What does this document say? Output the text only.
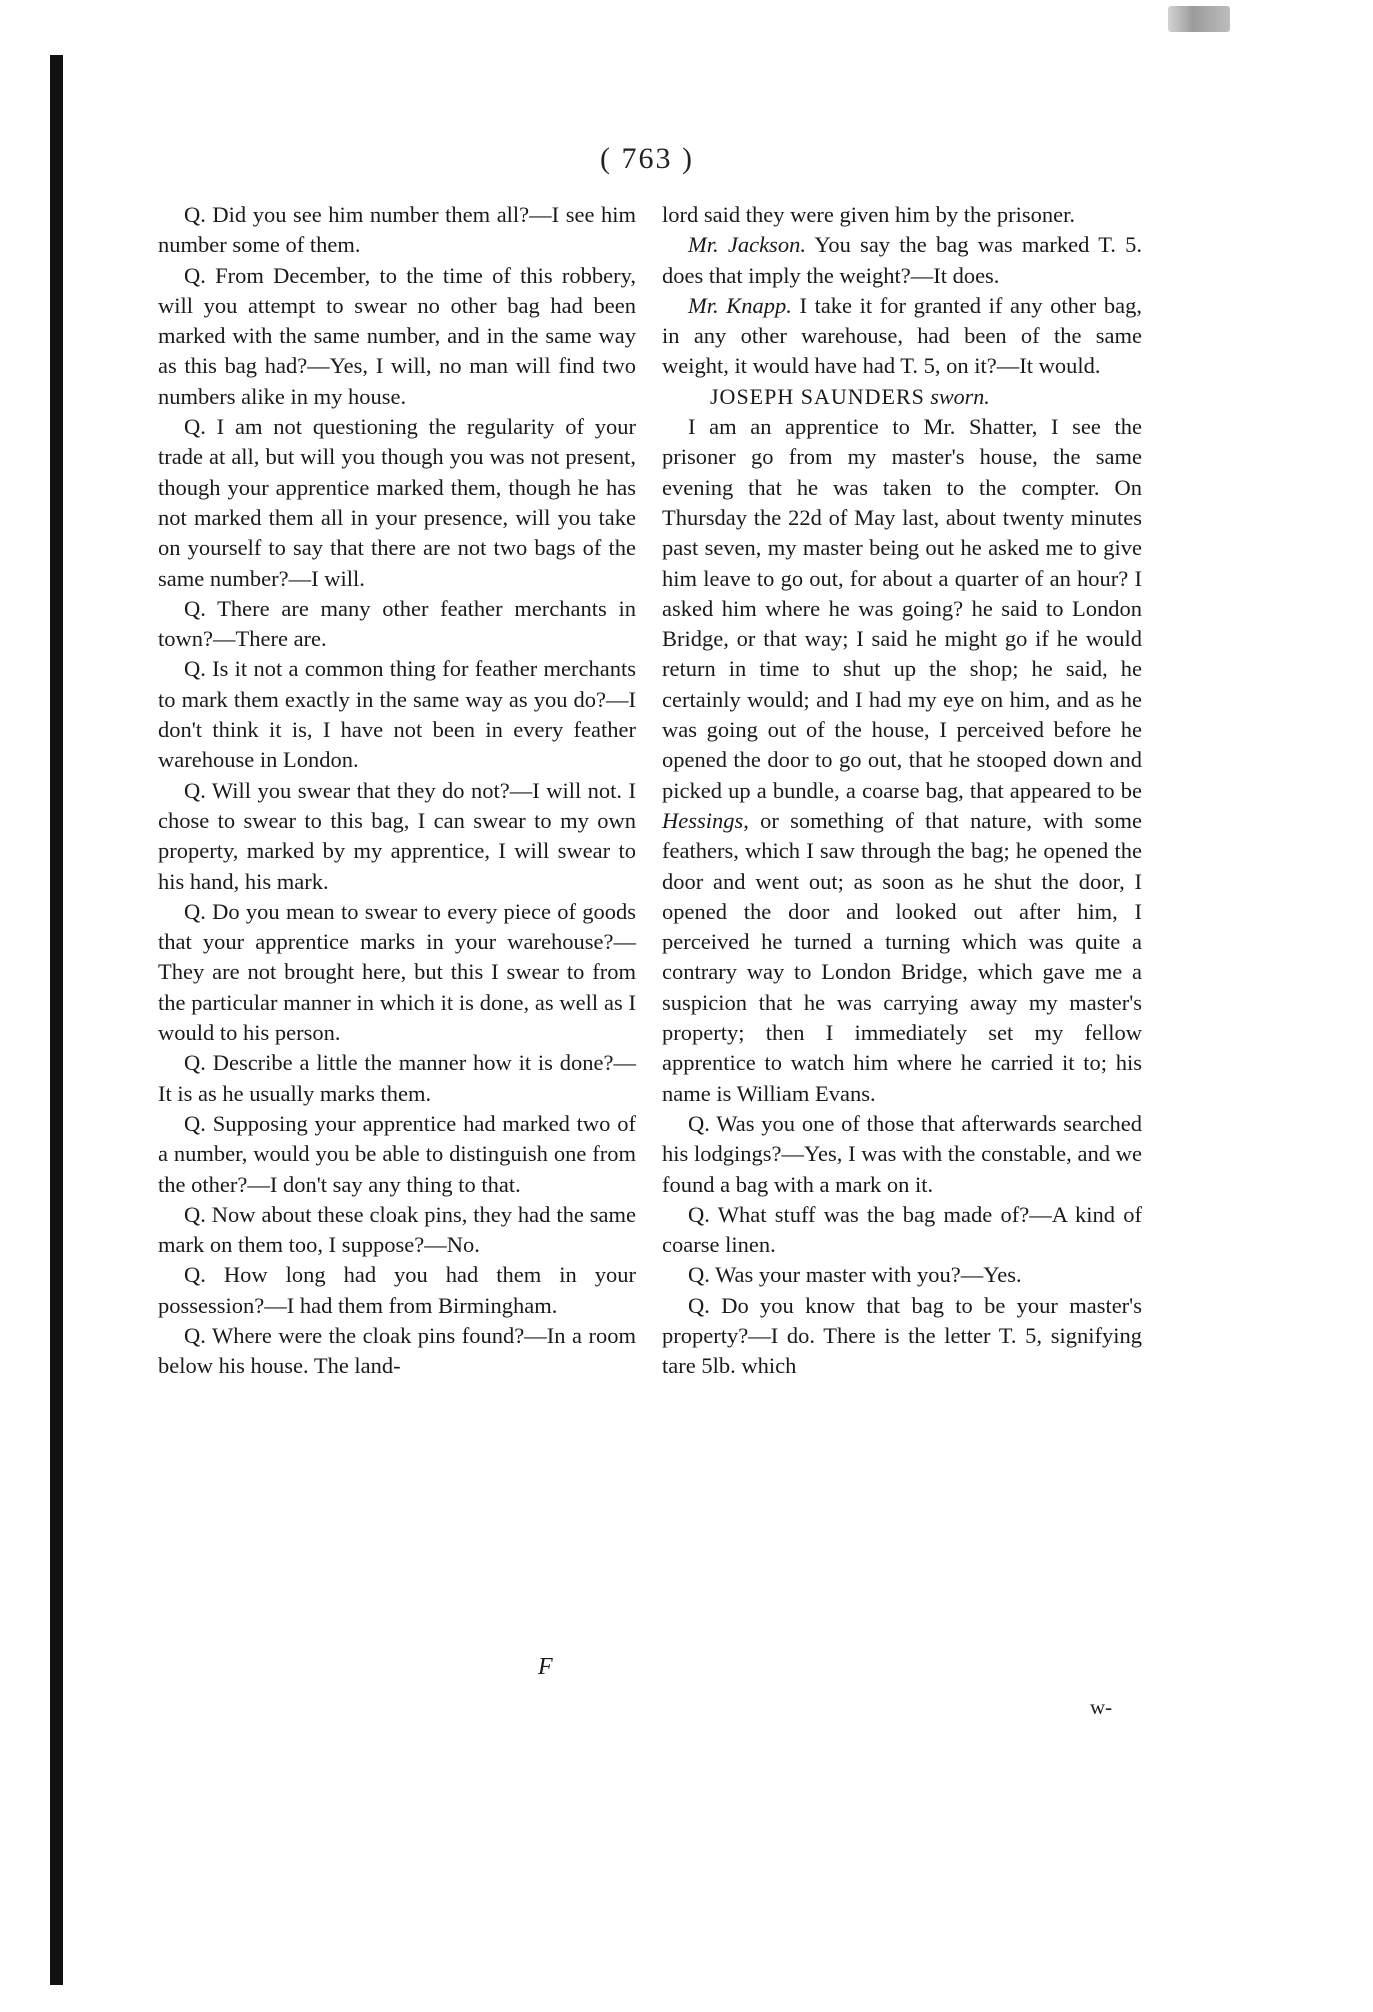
( 763 )

Q. Did you see him number them all?—I see him number some of them.

Q. From December, to the time of this robbery, will you attempt to swear no other bag had been marked with the same number, and in the same way as this bag had?—Yes, I will, no man will find two numbers alike in my house.

Q. I am not questioning the regularity of your trade at all, but will you though you was not present, though your apprentice marked them, though he has not marked them all in your presence, will you take on yourself to say that there are not two bags of the same number?—I will.

Q. There are many other feather merchants in town?—There are.

Q. Is it not a common thing for feather merchants to mark them exactly in the same way as you do?—I don't think it is, I have not been in every feather warehouse in London.

Q. Will you swear that they do not?—I will not. I chose to swear to this bag, I can swear to my own property, marked by my apprentice, I will swear to his hand, his mark.

Q. Do you mean to swear to every piece of goods that your apprentice marks in your warehouse?—They are not brought here, but this I swear to from the particular manner in which it is done, as well as I would to his person.

Q. Describe a little the manner how it is done?—It is as he usually marks them.

Q. Supposing your apprentice had marked two of a number, would you be able to distinguish one from the other?—I don't say any thing to that.

Q. Now about these cloak pins, they had the same mark on them too, I suppose?—No.

Q. How long had you had them in your possession?—I had them from Birmingham.

Q. Where were the cloak pins found?—In a room below his house. The land-

lord said they were given him by the prisoner.

Mr. Jackson. You say the bag was marked T. 5. does that imply the weight?—It does.

Mr. Knapp. I take it for granted if any other bag, in any other warehouse, had been of the same weight, it would have had T. 5, on it?—It would.

JOSEPH SAUNDERS sworn.

I am an apprentice to Mr. Shatter, I see the prisoner go from my master's house, the same evening that he was taken to the compter. On Thursday the 22d of May last, about twenty minutes past seven, my master being out he asked me to give him leave to go out, for about a quarter of an hour? I asked him where he was going? he said to London Bridge, or that way; I said he might go if he would return in time to shut up the shop; he said, he certainly would; and I had my eye on him, and as he was going out of the house, I perceived before he opened the door to go out, that he stooped down and picked up a bundle, a coarse bag, that appeared to be Hessings, or something of that nature, with some feathers, which I saw through the bag; he opened the door and went out; as soon as he shut the door, I opened the door and looked out after him, I perceived he turned a turning which was quite a contrary way to London Bridge, which gave me a suspicion that he was carrying away my master's property; then I immediately set my fellow apprentice to watch him where he carried it to; his name is William Evans.

Q. Was you one of those that afterwards searched his lodgings?—Yes, I was with the constable, and we found a bag with a mark on it.

Q. What stuff was the bag made of?—A kind of coarse linen.

Q. Was your master with you?—Yes.

Q. Do you know that bag to be your master's property?—I do. There is the letter T. 5, signifying tare 5lb. which

F
w-
